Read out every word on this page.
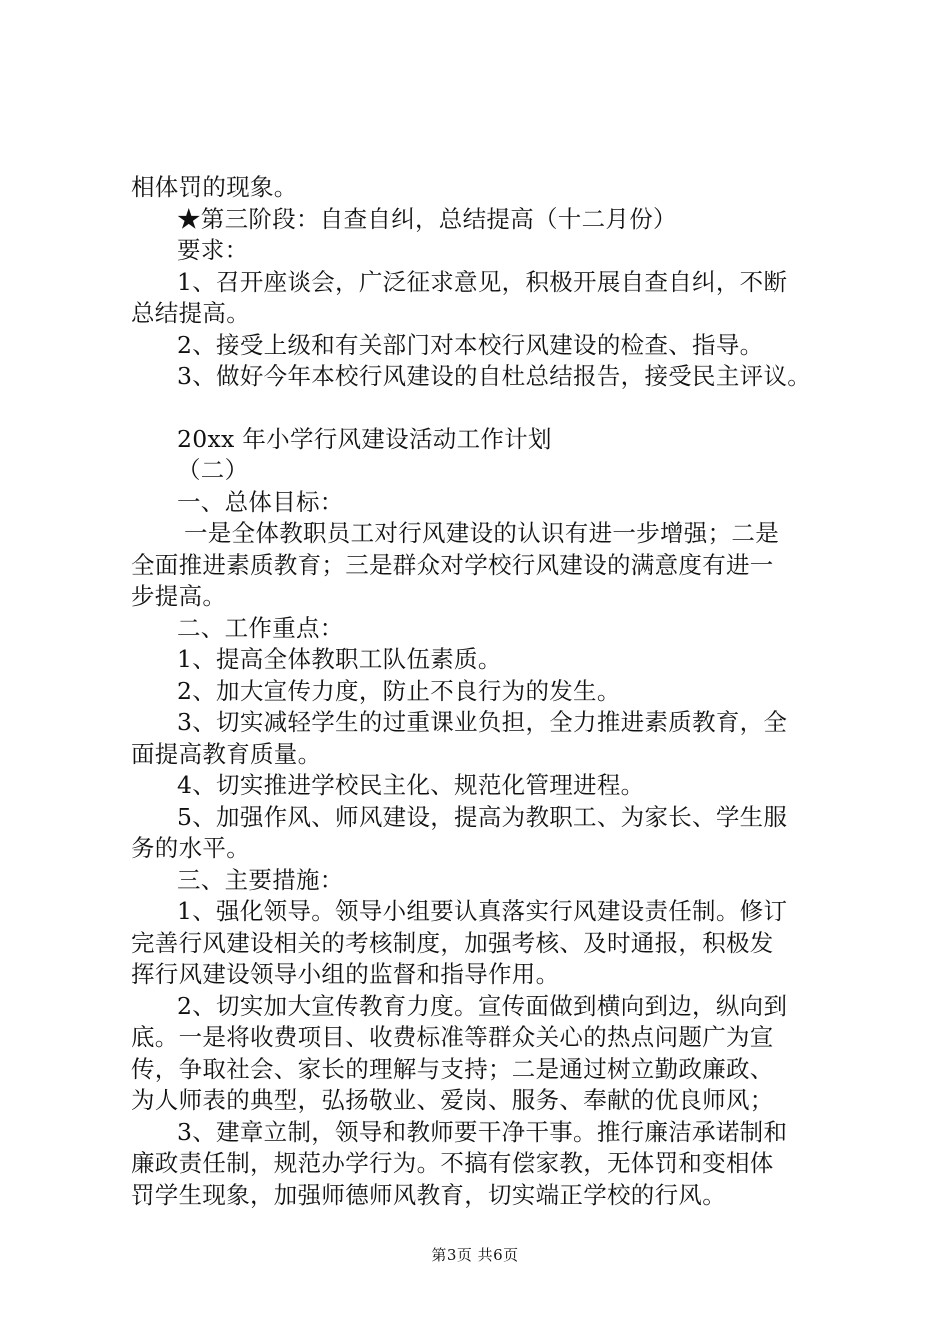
相体罚的现象。

★第三阶段：自查自纠，总结提高（十二月份）

要求：

1、召开座谈会，广泛征求意见，积极开展自查自纠，不断

总结提高。

2、接受上级和有关部门对本校行风建设的检查、指导。

3、做好今年本校行风建设的自杜总结报告，接受民主评议。

20xx 年小学行风建设活动工作计划

（二）

一、总体目标：

一是全体教职员工对行风建设的认识有进一步增强；二是

全面推进素质教育；三是群众对学校行风建设的满意度有进一

步提高。

二、工作重点：

1、提高全体教职工队伍素质。

2、加大宣传力度，防止不良行为的发生。

3、切实减轻学生的过重课业负担，全力推进素质教育，全

面提高教育质量。

4、切实推进学校民主化、规范化管理进程。

5、加强作风、师风建设，提高为教职工、为家长、学生服

务的水平。

三、主要措施：

1、强化领导。领导小组要认真落实行风建设责任制。修订

完善行风建设相关的考核制度，加强考核、及时通报，积极发

挥行风建设领导小组的监督和指导作用。

2、切实加大宣传教育力度。宣传面做到横向到边，纵向到

底。一是将收费项目、收费标准等群众关心的热点问题广为宣

传，争取社会、家长的理解与支持；二是通过树立勤政廉政、

为人师表的典型，弘扬敬业、爱岗、服务、奉献的优良师风；

3、建章立制，领导和教师要干净干事。推行廉洁承诺制和

廉政责任制，规范办学行为。不搞有偿家教，无体罚和变相体

罚学生现象，加强师德师风教育，切实端正学校的行风。

第3页 共6页
